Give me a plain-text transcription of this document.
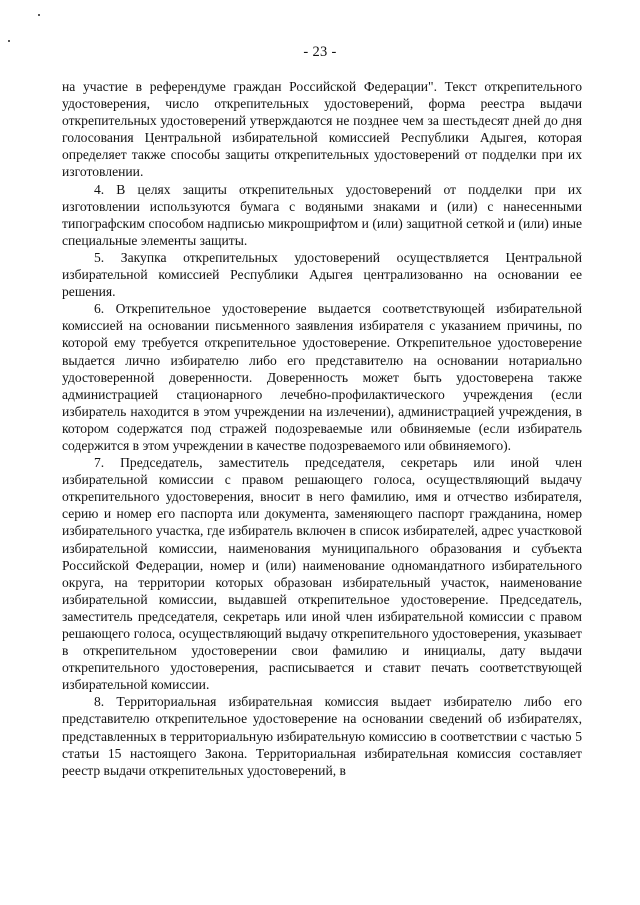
- 23 -

на участие в референдуме граждан Российской Федерации". Текст открепительного удостоверения, число открепительных удостоверений, форма реестра выдачи открепительных удостоверений утверждаются не позднее чем за шестьдесят дней до дня голосования Центральной избирательной комиссией Республики Адыгея, которая определяет также способы защиты открепительных удостоверений от подделки при их изготовлении.

4. В целях защиты открепительных удостоверений от подделки при их изготовлении используются бумага с водяными знаками и (или) с нанесенными типографским способом надписью микрошрифтом и (или) защитной сеткой и (или) иные специальные элементы защиты.

5. Закупка открепительных удостоверений осуществляется Центральной избирательной комиссией Республики Адыгея централизованно на основании ее решения.

6. Открепительное удостоверение выдается соответствующей избирательной комиссией на основании письменного заявления избирателя с указанием причины, по которой ему требуется открепительное удостоверение. Открепительное удостоверение выдается лично избирателю либо его представителю на основании нотариально удостоверенной доверенности. Доверенность может быть удостоверена также администрацией стационарного лечебно-профилактического учреждения (если избиратель находится в этом учреждении на излечении), администрацией учреждения, в котором содержатся под стражей подозреваемые или обвиняемые (если избиратель содержится в этом учреждении в качестве подозреваемого или обвиняемого).

7. Председатель, заместитель председателя, секретарь или иной член избирательной комиссии с правом решающего голоса, осуществляющий выдачу открепительного удостоверения, вносит в него фамилию, имя и отчество избирателя, серию и номер его паспорта или документа, заменяющего паспорт гражданина, номер избирательного участка, где избиратель включен в список избирателей, адрес участковой избирательной комиссии, наименования муниципального образования и субъекта Российской Федерации, номер и (или) наименование одномандатного избирательного округа, на территории которых образован избирательный участок, наименование избирательной комиссии, выдавшей открепительное удостоверение. Председатель, заместитель председателя, секретарь или иной член избирательной комиссии с правом решающего голоса, осуществляющий выдачу открепительного удостоверения, указывает в открепительном удостоверении свои фамилию и инициалы, дату выдачи открепительного удостоверения, расписывается и ставит печать соответствующей избирательной комиссии.

8. Территориальная избирательная комиссия выдает избирателю либо его представителю открепительное удостоверение на основании сведений об избирателях, представленных в территориальную избирательную комиссию в соответствии с частью 5 статьи 15 настоящего Закона. Территориальная избирательная комиссия составляет реестр выдачи открепительных удостоверений, в
